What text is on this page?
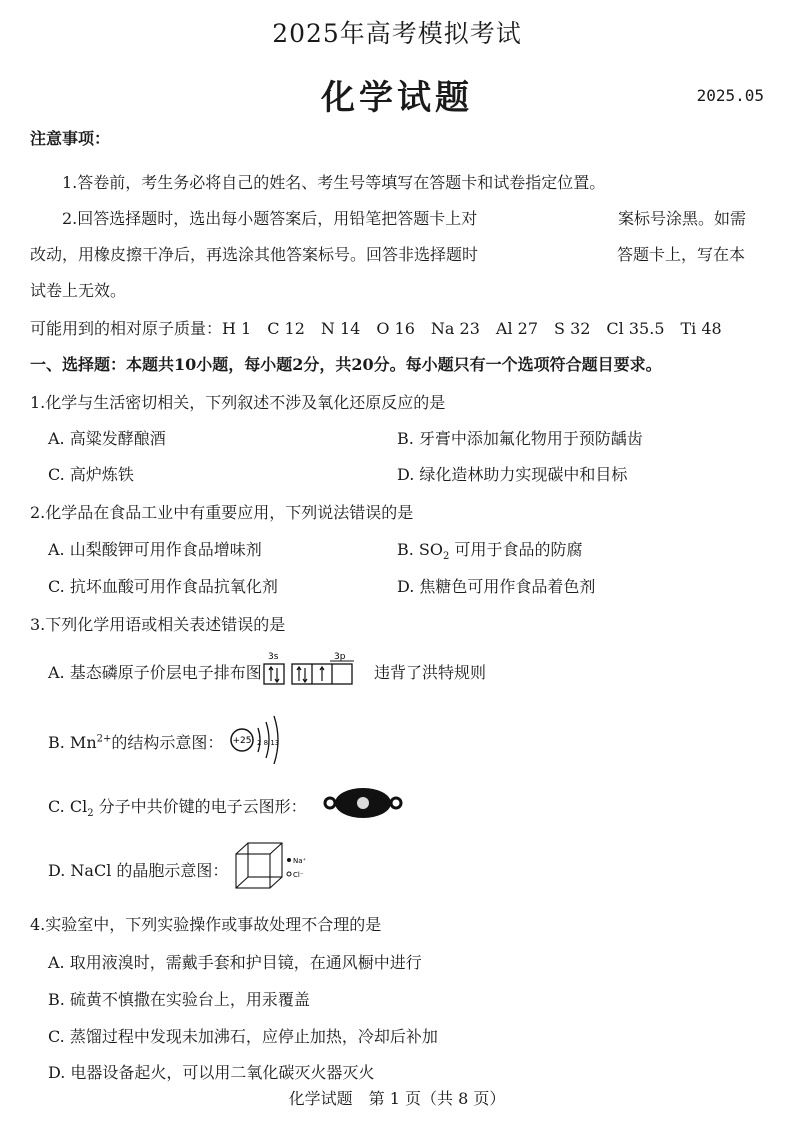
2025年高考模拟考试
化学试题	2025.05
注意事项：
1.答卷前，考生务必将自己的姓名、考生号等填写在答题卡和试卷指定位置。
2.回答选择题时，选出每小题答案后，用铅笔把答题卡上对	案标号涂黑。如需
改动，用橡皮擦干净后，再选涂其他答案标号。回答非选择题时	答题卡上，写在本
试卷上无效。
可能用到的相对原子质量：H 1　C 12　N 14　O 16　Na 23　Al 27　S 32　Cl 35.5　Ti 48
一、选择题：本题共10小题，每小题2分，共20分。每小题只有一个选项符合题目要求。
1.化学与生活密切相关，下列叙述不涉及氧化还原反应的是
A. 高粱发酵酿酒	B. 牙膏中添加氟化物用于预防龋齿
C. 高炉炼铁	D. 绿化造林助力实现碳中和目标
2.化学品在食品工业中有重要应用，下列说法错误的是
A. 山梨酸钾可用作食品增味剂	B. $SO_2$ 可用于食品的防腐
C. 抗坏血酸可用作食品抗氧化剂	D. 焦糖色可用作食品着色剂
3.下列化学用语或相关表述错误的是
A. 基态磷原子价层电子排布图
3s	3p
违背了洪特规则
B. $Mn^{2+}$的结构示意图： +25 2 8 13
C. $Cl_2$ 分子中共价键的电子云图形：
D. NaCl 的晶胞示意图：	Na⁺
Cl⁻
4.实验室中，下列实验操作或事故处理不合理的是
A. 取用液溴时，需戴手套和护目镜，在通风橱中进行
B. 硫黄不慎撒在实验台上，用汞覆盖
C. 蒸馏过程中发现未加沸石，应停止加热，冷却后补加
D. 电器设备起火，可以用二氧化碳灭火器灭火
化学试题　第 1 页（共 8 页）
